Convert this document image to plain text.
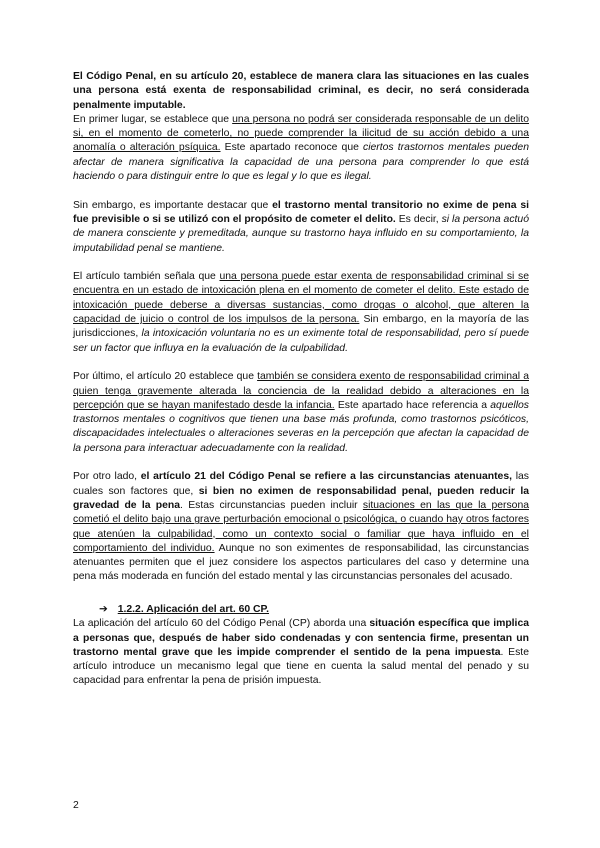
El Código Penal, en su artículo 20, establece de manera clara las situaciones en las cuales una persona está exenta de responsabilidad criminal, es decir, no será considerada penalmente imputable.
En primer lugar, se establece que una persona no podrá ser considerada responsable de un delito si, en el momento de cometerlo, no puede comprender la ilicitud de su acción debido a una anomalía o alteración psíquica. Este apartado reconoce que ciertos trastornos mentales pueden afectar de manera significativa la capacidad de una persona para comprender lo que está haciendo o para distinguir entre lo que es legal y lo que es ilegal.

Sin embargo, es importante destacar que el trastorno mental transitorio no exime de pena si fue previsible o si se utilizó con el propósito de cometer el delito. Es decir, si la persona actuó de manera consciente y premeditada, aunque su trastorno haya influido en su comportamiento, la imputabilidad penal se mantiene.

El artículo también señala que una persona puede estar exenta de responsabilidad criminal si se encuentra en un estado de intoxicación plena en el momento de cometer el delito. Este estado de intoxicación puede deberse a diversas sustancias, como drogas o alcohol, que alteren la capacidad de juicio o control de los impulsos de la persona. Sin embargo, en la mayoría de las jurisdicciones, la intoxicación voluntaria no es un eximente total de responsabilidad, pero sí puede ser un factor que influya en la evaluación de la culpabilidad.

Por último, el artículo 20 establece que también se considera exento de responsabilidad criminal a quien tenga gravemente alterada la conciencia de la realidad debido a alteraciones en la percepción que se hayan manifestado desde la infancia. Este apartado hace referencia a aquellos trastornos mentales o cognitivos que tienen una base más profunda, como trastornos psicóticos, discapacidades intelectuales o alteraciones severas en la percepción que afectan la capacidad de la persona para interactuar adecuadamente con la realidad.

Por otro lado, el artículo 21 del Código Penal se refiere a las circunstancias atenuantes, las cuales son factores que, si bien no eximen de responsabilidad penal, pueden reducir la gravedad de la pena. Estas circunstancias pueden incluir situaciones en las que la persona cometió el delito bajo una grave perturbación emocional o psicológica, o cuando hay otros factores que atenúen la culpabilidad, como un contexto social o familiar que haya influido en el comportamiento del individuo. Aunque no son eximentes de responsabilidad, las circunstancias atenuantes permiten que el juez considere los aspectos particulares del caso y determine una pena más moderada en función del estado mental y las circunstancias personales del acusado.

➔ 1.2.2. Aplicación del art. 60 CP.

La aplicación del artículo 60 del Código Penal (CP) aborda una situación específica que implica a personas que, después de haber sido condenadas y con sentencia firme, presentan un trastorno mental grave que les impide comprender el sentido de la pena impuesta. Este artículo introduce un mecanismo legal que tiene en cuenta la salud mental del penado y su capacidad para enfrentar la pena de prisión impuesta.

2
